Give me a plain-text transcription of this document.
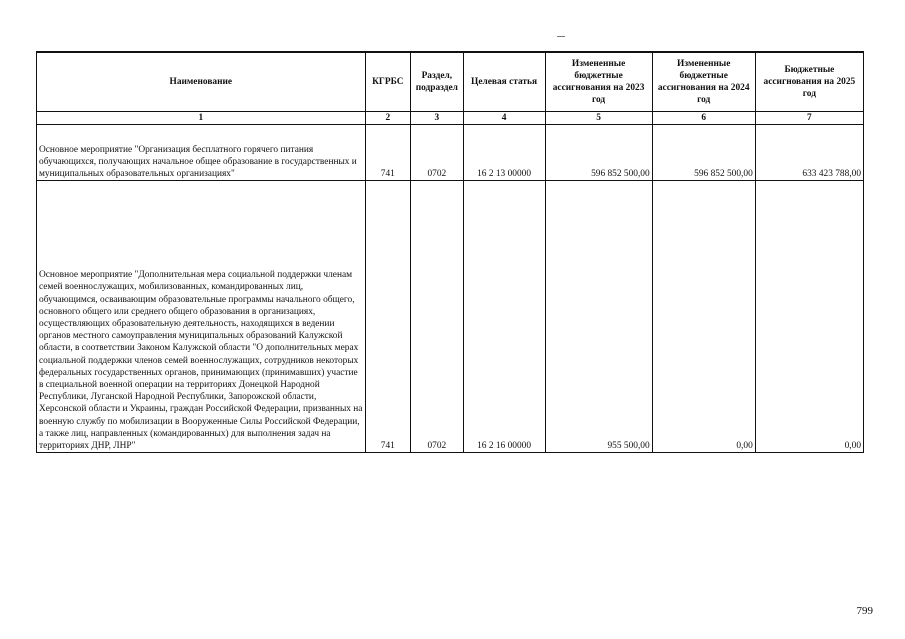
Наименование	КГРБС	Раздел, подраздел	Целевая статья	Измененные бюджетные ассигнования на 2023 год	Измененные бюджетные ассигнования на 2024 год	Бюджетные ассигнования на 2025 год
1	2	3	4	5	6	7
Основное мероприятие "Организация бесплатного горячего питания обучающихся, получающих начальное общее образование в государственных и муниципальных образовательных организациях"	741	0702	16 2 13 00000	596 852 500,00	596 852 500,00	633 423 788,00
Основное мероприятие "Дополнительная мера социальной поддержки членам семей военнослужащих, мобилизованных, командированных лиц, обучающимся, осваивающим образовательные программы начального общего, основного общего или среднего общего образования в организациях, осуществляющих образовательную деятельность, находящихся в ведении органов местного самоуправления муниципальных образований Калужской области, в соответствии Законом Калужской области "О дополнительных мерах социальной поддержки членов семей военнослужащих, сотрудников некоторых федеральных государственных органов, принимающих (принимавших) участие в специальной военной операции на территориях Донецкой Народной Республики, Луганской Народной Республики, Запорожской области, Херсонской области и Украины, граждан Российской Федерации, призванных на военную службу по мобилизации в Вооруженные Силы Российской Федерации, а также лиц, направленных (командированных) для выполнения задач на территориях ДНР, ЛНР"	741	0702	16 2 16 00000	955 500,00	0,00	0,00
799
